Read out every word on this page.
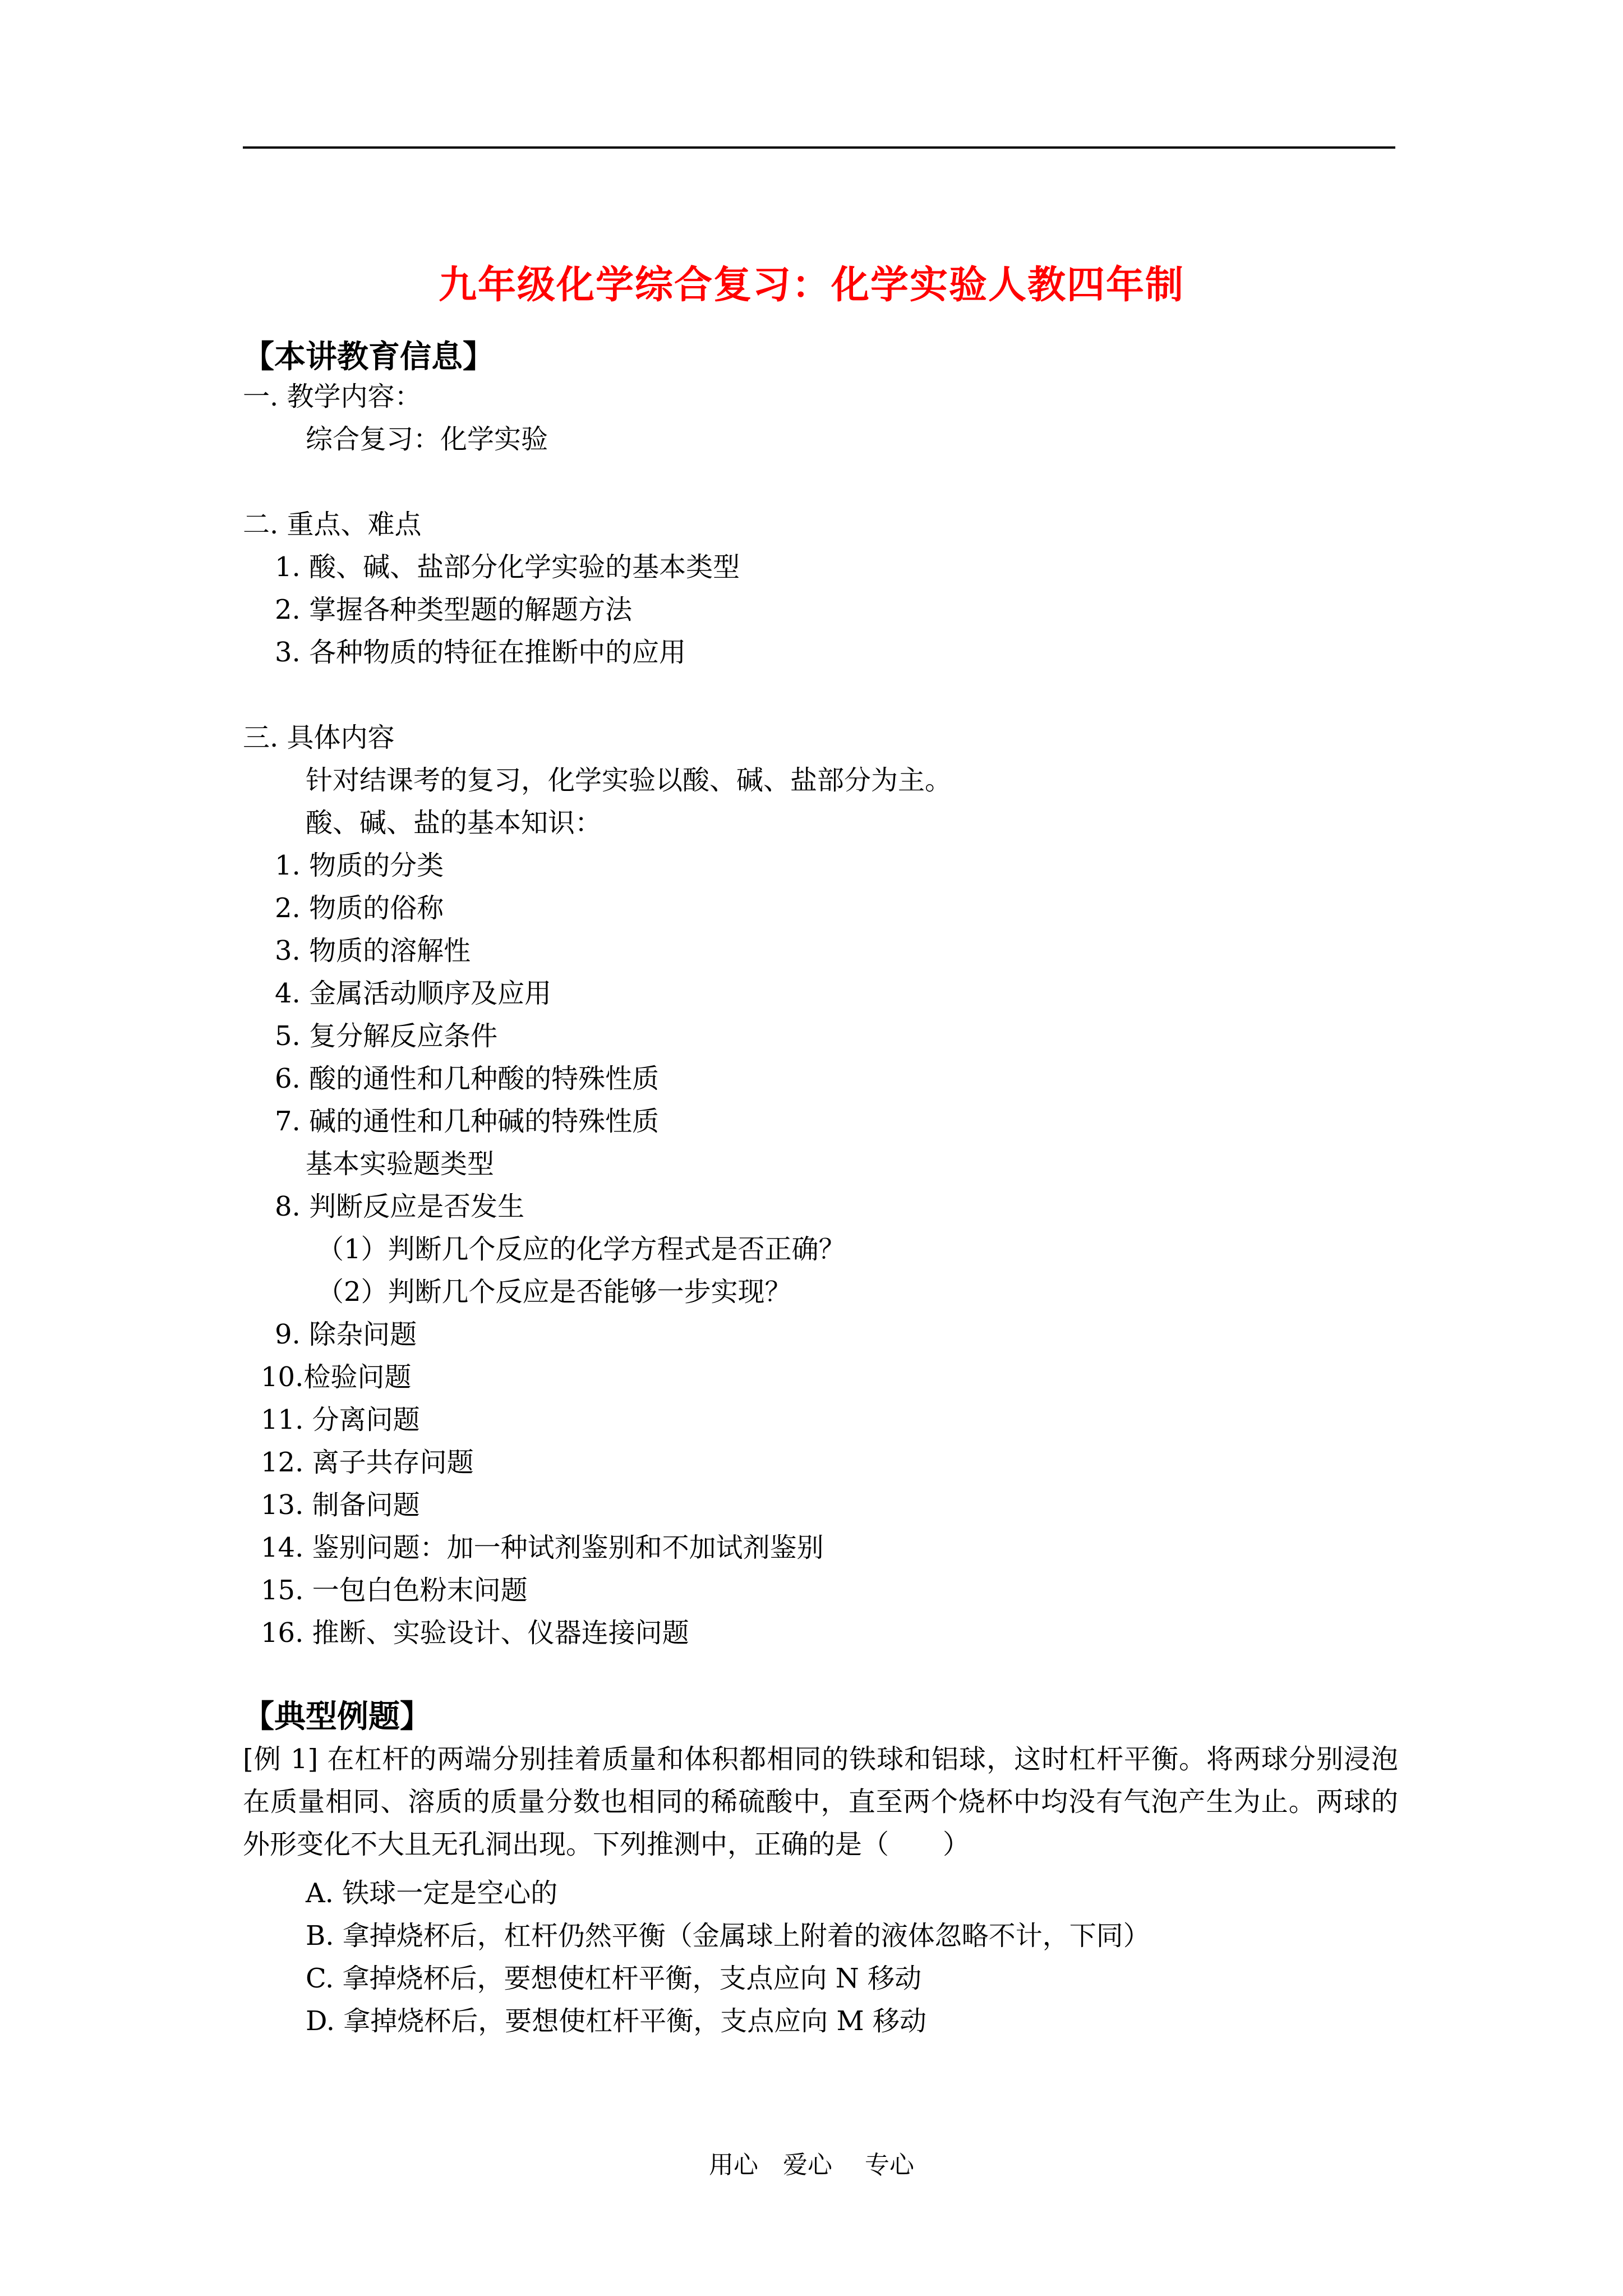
九年级化学综合复习：化学实验人教四年制
【本讲教育信息】
一. 教学内容：
综合复习：化学实验
二. 重点、难点
1. 酸、碱、盐部分化学实验的基本类型
2. 掌握各种类型题的解题方法
3. 各种物质的特征在推断中的应用
三. 具体内容
针对结课考的复习，化学实验以酸、碱、盐部分为主。
酸、碱、盐的基本知识：
1. 物质的分类
2. 物质的俗称
3. 物质的溶解性
4. 金属活动顺序及应用
5. 复分解反应条件
6. 酸的通性和几种酸的特殊性质
7. 碱的通性和几种碱的特殊性质
基本实验题类型
8. 判断反应是否发生
（1）判断几个反应的化学方程式是否正确？
（2）判断几个反应是否能够一步实现？
9. 除杂问题
10.检验问题
11. 分离问题
12. 离子共存问题
13. 制备问题
14. 鉴别问题：加一种试剂鉴别和不加试剂鉴别
15. 一包白色粉末问题
16. 推断、实验设计、仪器连接问题
【典型例题】
[例 1] 在杠杆的两端分别挂着质量和体积都相同的铁球和铝球，这时杠杆平衡。将两球分别浸泡在质量相同、溶质的质量分数也相同的稀硫酸中，直至两个烧杯中均没有气泡产生为止。两球的外形变化不大且无孔洞出现。下列推测中，正确的是（　　）
A. 铁球一定是空心的
B. 拿掉烧杯后，杠杆仍然平衡（金属球上附着的液体忽略不计，下同）
C. 拿掉烧杯后，要想使杠杆平衡，支点应向 N 移动
D. 拿掉烧杯后，要想使杠杆平衡，支点应向 M 移动
用心　爱心　 专心
